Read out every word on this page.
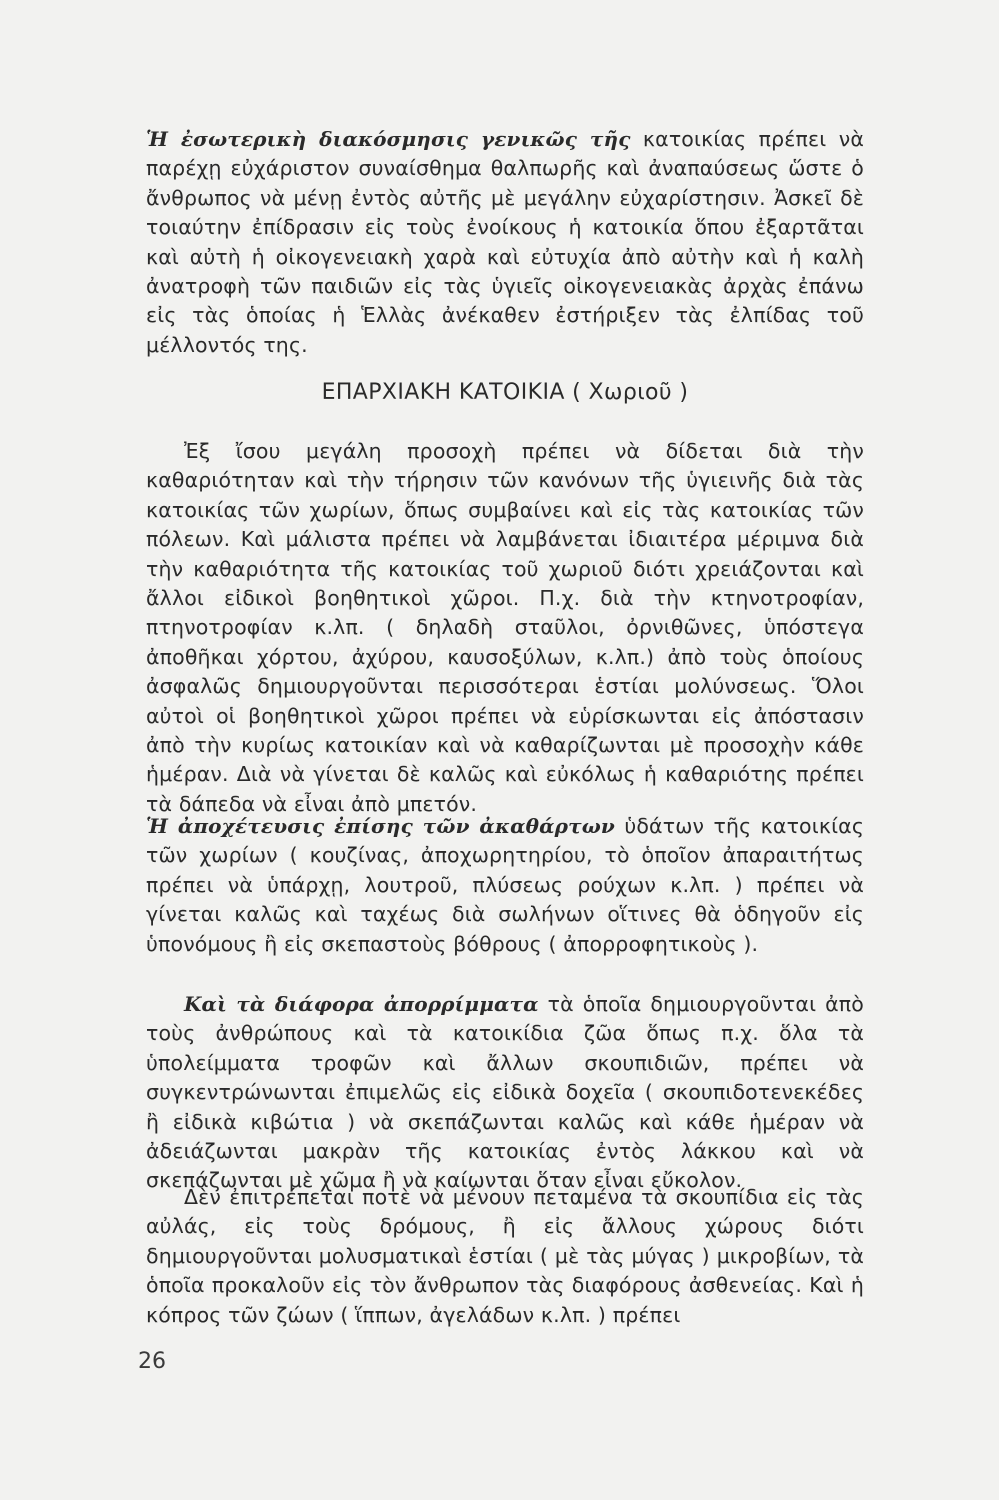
Ἡ ἐσωτερικὴ διακόσμησις γενικῶς τῆς κατοικίας πρέπει νὰ παρέχῃ εὐχάριστον συναίσθημα θαλπωρῆς καὶ ἀναπαύσεως ὥστε ὁ ἄνθρωπος νὰ μένῃ ἐντὸς αὐτῆς μὲ μεγάλην εὐχαρίστησιν. Ἀσκεῖ δὲ τοιαύτην ἐπίδρασιν εἰς τοὺς ἐνοίκους ἡ κατοικία ὅπου ἐξαρτᾶται καὶ αὐτὴ ἡ οἰκογενειακὴ χαρὰ καὶ εὐτυχία ἀπὸ αὐτὴν καὶ ἡ καλὴ ἀνατροφὴ τῶν παιδιῶν εἰς τὰς ὑγιεῖς οἰκογενειακὰς ἀρχὰς ἐπάνω εἰς τὰς ὁποίας ἡ Ἑλλὰς ἀνέκαθεν ἐστήριξεν τὰς ἐλπίδας τοῦ μέλλοντός της.

ΕΠΑΡΧΙΑΚΗ ΚΑΤΟΙΚΙΑ ( Χωριοῦ )

Ἐξ ἴσου μεγάλη προσοχὴ πρέπει νὰ δίδεται διὰ τὴν καθαριότηταν καὶ τὴν τήρησιν τῶν κανόνων τῆς ὑγιεινῆς διὰ τὰς κατοικίας τῶν χωρίων, ὅπως συμβαίνει καὶ εἰς τὰς κατοικίας τῶν πόλεων. Καὶ μάλιστα πρέπει νὰ λαμβάνεται ἰδιαιτέρα μέριμνα διὰ τὴν καθαριότητα τῆς κατοικίας τοῦ χωριοῦ διότι χρειάζονται καὶ ἄλλοι εἰδικοὶ βοηθητικοὶ χῶροι. Π.χ. διὰ τὴν κτηνοτροφίαν, πτηνοτροφίαν κ.λπ. ( δηλαδὴ σταῦλοι, ὀρνιθῶνες, ὑπόστεγα ἀποθῆκαι χόρτου, ἀχύρου, καυσοξύλων, κ.λπ.) ἀπὸ τοὺς ὁποίους ἀσφαλῶς δημιουργοῦνται περισσότεραι ἑστίαι μολύνσεως. Ὅλοι αὐτοὶ οἱ βοηθητικοὶ χῶροι πρέπει νὰ εὑρίσκωνται εἰς ἀπόστασιν ἀπὸ τὴν κυρίως κατοικίαν καὶ νὰ καθαρίζωνται μὲ προσοχὴν κάθε ἡμέραν. Διὰ νὰ γίνεται δὲ καλῶς καὶ εὐκόλως ἡ καθαριότης πρέπει τὰ δάπεδα νὰ εἶναι ἀπὸ μπετόν.

Ἡ ἀποχέτευσις ἐπίσης τῶν ἀκαθάρτων ὑδάτων τῆς κατοικίας τῶν χωρίων ( κουζίνας, ἀποχωρητηρίου, τὸ ὁποῖον ἀπαραιτήτως πρέπει νὰ ὑπάρχῃ, λουτροῦ, πλύσεως ρούχων κ.λπ. ) πρέπει νὰ γίνεται καλῶς καὶ ταχέως διὰ σωλήνων οἵτινες θὰ ὁδηγοῦν εἰς ὑπονόμους ἢ εἰς σκεπαστοὺς βόθρους ( ἀπορροφητικοὺς ).

Καὶ τὰ διάφορα ἀπορρίμματα τὰ ὁποῖα δημιουργοῦνται ἀπὸ τοὺς ἀνθρώπους καὶ τὰ κατοικίδια ζῶα ὅπως π.χ. ὅλα τὰ ὑπολείμματα τροφῶν καὶ ἄλλων σκουπιδιῶν, πρέπει νὰ συγκεντρώνωνται ἐπιμελῶς εἰς εἰδικὰ δοχεῖα ( σκουπιδοτενεκέδες ἢ εἰδικὰ κιβώτια ) νὰ σκεπάζωνται καλῶς καὶ κάθε ἡμέραν νὰ ἀδειάζωνται μακρὰν τῆς κατοικίας ἐντὸς λάκκου καὶ νὰ σκεπάζωνται μὲ χῶμα ἢ νὰ καίωνται ὅταν εἶναι εὔκολον.

Δὲν ἐπιτρέπεται ποτὲ νὰ μένουν πεταμένα τὰ σκουπίδια εἰς τὰς αὐλάς, εἰς τοὺς δρόμους, ἢ εἰς ἄλλους χώρους διότι δημιουργοῦνται μολυσματικαὶ ἑστίαι ( μὲ τὰς μύγας ) μικροβίων, τὰ ὁποῖα προκαλοῦν εἰς τὸν ἄνθρωπον τὰς διαφόρους ἀσθενείας. Καὶ ἡ κόπρος τῶν ζώων ( ἵππων, ἀγελάδων κ.λπ. ) πρέπει

26
